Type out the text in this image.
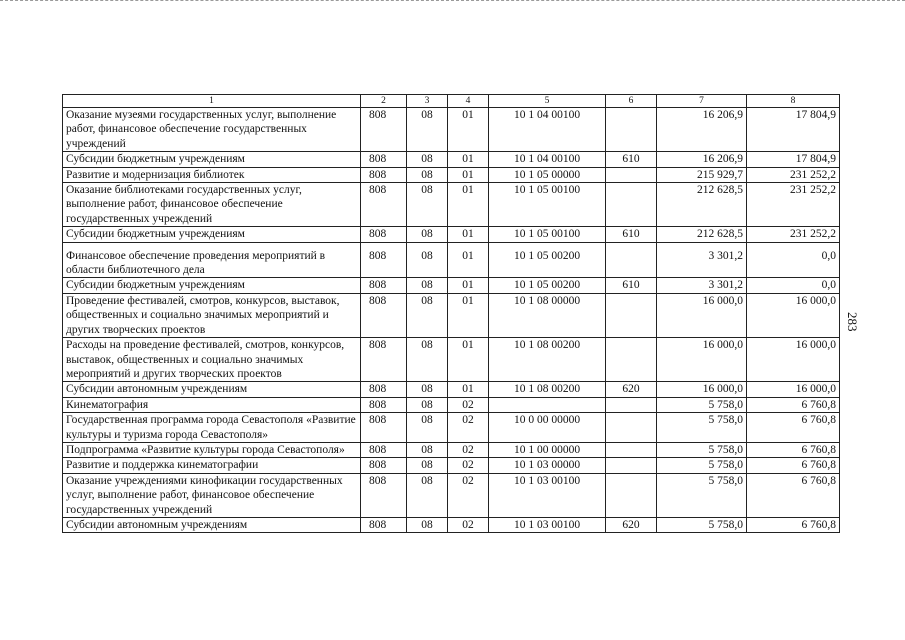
283
1	2	3	4	5	6	7	8
Оказание музеями государственных услуг, выполнение работ, финансовое обеспечение государственных учреждений	808	08	01	10 1 04 00100		16 206,9	17 804,9
Субсидии бюджетным учреждениям	808	08	01	10 1 04 00100	610	16 206,9	17 804,9
Развитие и модернизация библиотек	808	08	01	10 1 05 00000		215 929,7	231 252,2
Оказание библиотеками государственных услуг, выполнение работ, финансовое обеспечение государственных учреждений	808	08	01	10 1 05 00100		212 628,5	231 252,2
Субсидии бюджетным учреждениям	808	08	01	10 1 05 00100	610	212 628,5	231 252,2
Финансовое обеспечение проведения мероприятий в области библиотечного дела	808	08	01	10 1 05 00200		3 301,2	0,0
Субсидии бюджетным учреждениям	808	08	01	10 1 05 00200	610	3 301,2	0,0
Проведение фестивалей, смотров, конкурсов, выставок, общественных и социально значимых мероприятий и других творческих проектов	808	08	01	10 1 08 00000		16 000,0	16 000,0
Расходы на проведение фестивалей, смотров, конкурсов, выставок, общественных и социально значимых мероприятий и других творческих проектов	808	08	01	10 1 08 00200		16 000,0	16 000,0
Субсидии автономным учреждениям	808	08	01	10 1 08 00200	620	16 000,0	16 000,0
Кинематография	808	08	02			5 758,0	6 760,8
Государственная программа города Севастополя «Развитие культуры и туризма города Севастополя»	808	08	02	10 0 00 00000		5 758,0	6 760,8
Подпрограмма «Развитие культуры города Севастополя»	808	08	02	10 1 00 00000		5 758,0	6 760,8
Развитие и поддержка кинематографии	808	08	02	10 1 03 00000		5 758,0	6 760,8
Оказание учреждениями кинофикации государственных услуг, выполнение работ, финансовое обеспечение государственных учреждений	808	08	02	10 1 03 00100		5 758,0	6 760,8
Субсидии автономным учреждениям	808	08	02	10 1 03 00100	620	5 758,0	6 760,8
